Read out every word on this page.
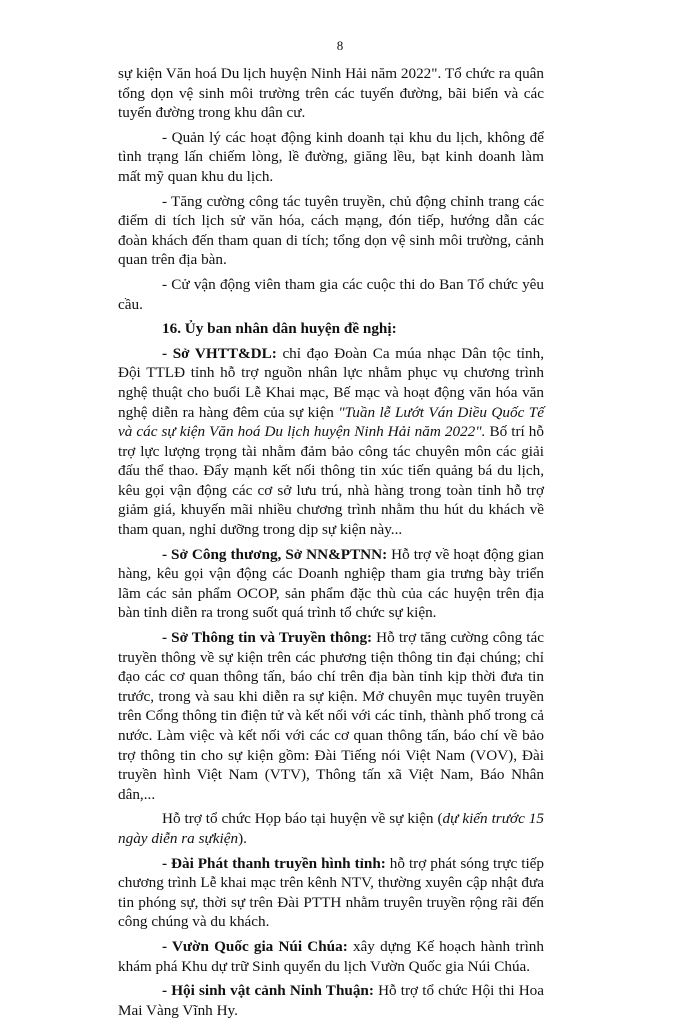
8

sự kiện Văn hoá Du lịch huyện Ninh Hải năm 2022". Tổ chức ra quân tổng dọn vệ sinh môi trường trên các tuyến đường, bãi biển và các tuyến đường trong khu dân cư.

- Quản lý các hoạt động kinh doanh tại khu du lịch, không để tình trạng lấn chiếm lòng, lề đường, giăng lều, bạt kinh doanh làm mất mỹ quan khu du lịch.

- Tăng cường công tác tuyên truyền, chủ động chỉnh trang các điểm di tích lịch sử văn hóa, cách mạng, đón tiếp, hướng dẫn các đoàn khách đến tham quan di tích; tổng dọn vệ sinh môi trường, cảnh quan trên địa bàn.

- Cử vận động viên tham gia các cuộc thi do Ban Tổ chức yêu cầu.

16. Ủy ban nhân dân huyện đề nghị:

- Sở VHTT&DL: chỉ đạo Đoàn Ca múa nhạc Dân tộc tỉnh, Đội TTLĐ tỉnh hỗ trợ nguồn nhân lực nhằm phục vụ chương trình nghệ thuật cho buổi Lễ Khai mạc, Bế mạc và hoạt động văn hóa văn nghệ diễn ra hàng đêm của sự kiện "Tuần lễ Lướt Ván Diều Quốc Tế và các sự kiện Văn hoá Du lịch huyện Ninh Hải năm 2022". Bố trí hỗ trợ lực lượng trọng tài nhằm đảm bảo công tác chuyên môn các giải đấu thể thao. Đẩy mạnh kết nối thông tin xúc tiến quảng bá du lịch, kêu gọi vận động các cơ sở lưu trú, nhà hàng trong toàn tỉnh hỗ trợ giảm giá, khuyến mãi nhiều chương trình nhằm thu hút du khách về tham quan, nghỉ dưỡng trong dịp sự kiện này...

- Sở Công thương, Sở NN&PTNN: Hỗ trợ về hoạt động gian hàng, kêu gọi vận động các Doanh nghiệp tham gia trưng bày triển lãm các sản phẩm OCOP, sản phẩm đặc thù của các huyện trên địa bàn tỉnh diễn ra trong suốt quá trình tổ chức sự kiện.

- Sở Thông tin và Truyền thông: Hỗ trợ tăng cường công tác truyền thông về sự kiện trên các phương tiện thông tin đại chúng; chỉ đạo các cơ quan thông tấn, báo chí trên địa bàn tỉnh kịp thời đưa tin trước, trong và sau khi diễn ra sự kiện. Mở chuyên mục tuyên truyền trên Cổng thông tin điện tử và kết nối với các tỉnh, thành phố trong cả nước. Làm việc và kết nối với các cơ quan thông tấn, báo chí về bảo trợ thông tin cho sự kiện gồm: Đài Tiếng nói Việt Nam (VOV), Đài truyền hình Việt Nam (VTV), Thông tấn xã Việt Nam, Báo Nhân dân,...

Hỗ trợ tổ chức Họp báo tại huyện về sự kiện (dự kiến trước 15 ngày diễn ra sựkiện).

- Đài Phát thanh truyền hình tỉnh: hỗ trợ phát sóng trực tiếp chương trình Lễ khai mạc trên kênh NTV, thường xuyên cập nhật đưa tin phóng sự, thời sự trên Đài PTTH nhằm truyên truyền rộng rãi đến công chúng và du khách.

- Vườn Quốc gia Núi Chúa: xây dựng Kế hoạch hành trình khám phá Khu dự trữ Sinh quyển du lịch Vườn Quốc gia Núi Chúa.

- Hội sinh vật cảnh Ninh Thuận: Hỗ trợ tổ chức Hội thi Hoa Mai Vàng Vĩnh Hy.
